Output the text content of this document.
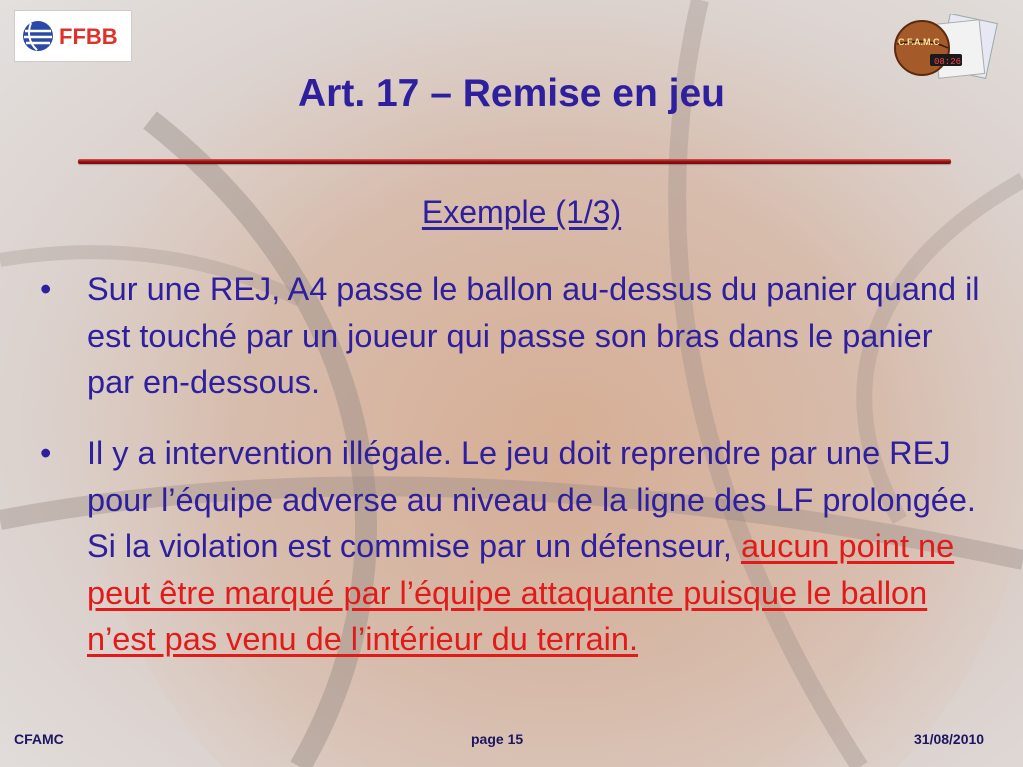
FFBB	C.F.A.M.C
08:26
Art. 17 – Remise en jeu
Exemple (1/3)
•	Sur une REJ, A4 passe le ballon au-dessus du panier quand il est touché par un joueur qui passe son bras dans le panier par en-dessous.
•	Il y a intervention illégale. Le jeu doit reprendre par une REJ pour l’équipe adverse au niveau de la ligne des LF prolongée. Si la violation est commise par un défenseur, aucun point ne peut être marqué par l’équipe attaquante puisque le ballon n’est pas venu de l’intérieur du terrain.
CFAMC	page 15	31/08/2010
